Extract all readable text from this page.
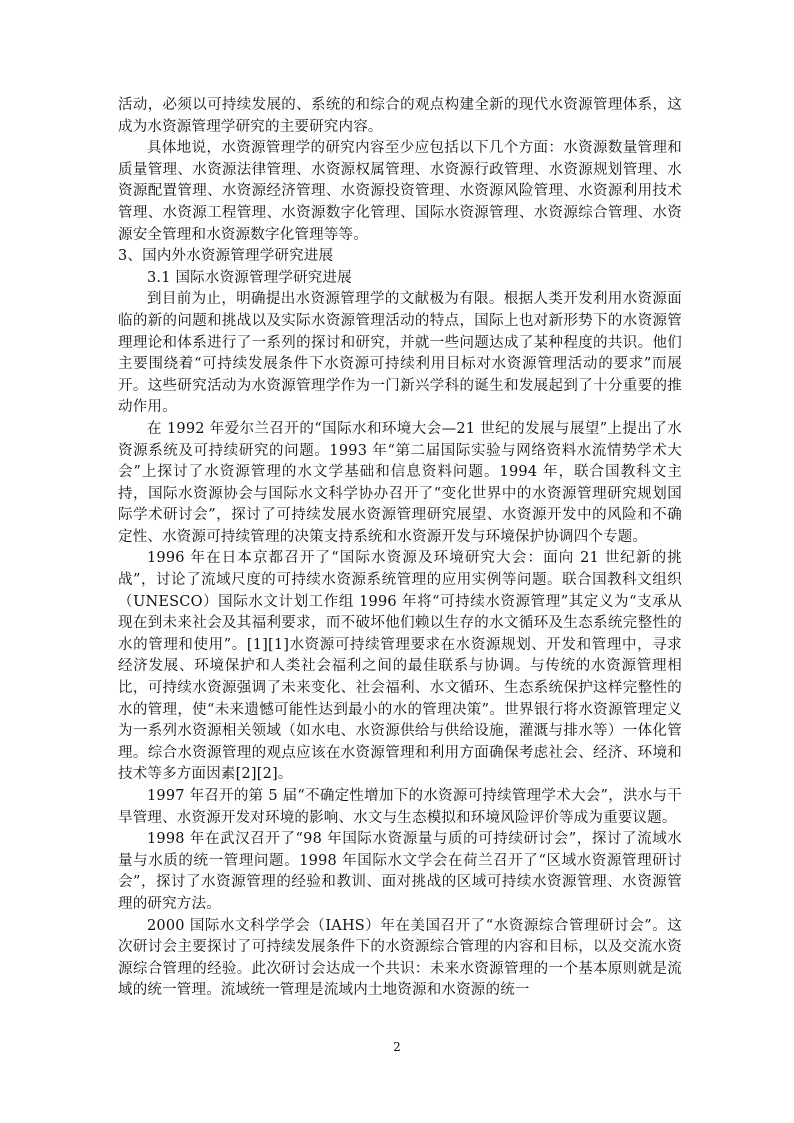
活动，必须以可持续发展的、系统的和综合的观点构建全新的现代水资源管理体系，这成为水资源管理学研究的主要研究内容。

具体地说，水资源管理学的研究内容至少应包括以下几个方面：水资源数量管理和质量管理、水资源法律管理、水资源权属管理、水资源行政管理、水资源规划管理、水资源配置管理、水资源经济管理、水资源投资管理、水资源风险管理、水资源利用技术管理、水资源工程管理、水资源数字化管理、国际水资源管理、水资源综合管理、水资源安全管理和水资源数字化管理等等。

3、国内外水资源管理学研究进展

3.1 国际水资源管理学研究进展

到目前为止，明确提出水资源管理学的文献极为有限。根据人类开发利用水资源面临的新的问题和挑战以及实际水资源管理活动的特点，国际上也对新形势下的水资源管理理论和体系进行了一系列的探讨和研究，并就一些问题达成了某种程度的共识。他们主要围绕着“可持续发展条件下水资源可持续利用目标对水资源管理活动的要求”而展开。这些研究活动为水资源管理学作为一门新兴学科的诞生和发展起到了十分重要的推动作用。

在 1992 年爱尔兰召开的“国际水和环境大会—21 世纪的发展与展望”上提出了水资源系统及可持续研究的问题。1993 年“第二届国际实验与网络资料水流情势学术大会”上探讨了水资源管理的水文学基础和信息资料问题。1994 年，联合国教科文主持，国际水资源协会与国际水文科学协办召开了“变化世界中的水资源管理研究规划国际学术研讨会”，探讨了可持续发展水资源管理研究展望、水资源开发中的风险和不确定性、水资源可持续管理的决策支持系统和水资源开发与环境保护协调四个专题。

1996 年在日本京都召开了“国际水资源及环境研究大会：面向 21 世纪新的挑战”，讨论了流域尺度的可持续水资源系统管理的应用实例等问题。联合国教科文组织（UNESCO）国际水文计划工作组 1996 年将“可持续水资源管理”其定义为“支承从现在到未来社会及其福利要求，而不破坏他们赖以生存的水文循环及生态系统完整性的水的管理和使用”。[1][1]水资源可持续管理要求在水资源规划、开发和管理中，寻求经济发展、环境保护和人类社会福利之间的最佳联系与协调。与传统的水资源管理相比，可持续水资源强调了未来变化、社会福利、水文循环、生态系统保护这样完整性的水的管理，使“未来遗憾可能性达到最小的水的管理决策”。世界银行将水资源管理定义为一系列水资源相关领域（如水电、水资源供给与供给设施，灌溉与排水等）一体化管理。综合水资源管理的观点应该在水资源管理和利用方面确保考虑社会、经济、环境和技术等多方面因素[2][2]。

1997 年召开的第 5 届“不确定性增加下的水资源可持续管理学术大会”，洪水与干旱管理、水资源开发对环境的影响、水文与生态模拟和环境风险评价等成为重要议题。

1998 年在武汉召开了“98 年国际水资源量与质的可持续研讨会”，探讨了流域水量与水质的统一管理问题。1998 年国际水文学会在荷兰召开了“区域水资源管理研讨会”，探讨了水资源管理的经验和教训、面对挑战的区域可持续水资源管理、水资源管理的研究方法。

2000 国际水文科学学会（IAHS）年在美国召开了“水资源综合管理研讨会”。这次研讨会主要探讨了可持续发展条件下的水资源综合管理的内容和目标，以及交流水资源综合管理的经验。此次研讨会达成一个共识：未来水资源管理的一个基本原则就是流域的统一管理。流域统一管理是流域内土地资源和水资源的统一

2
